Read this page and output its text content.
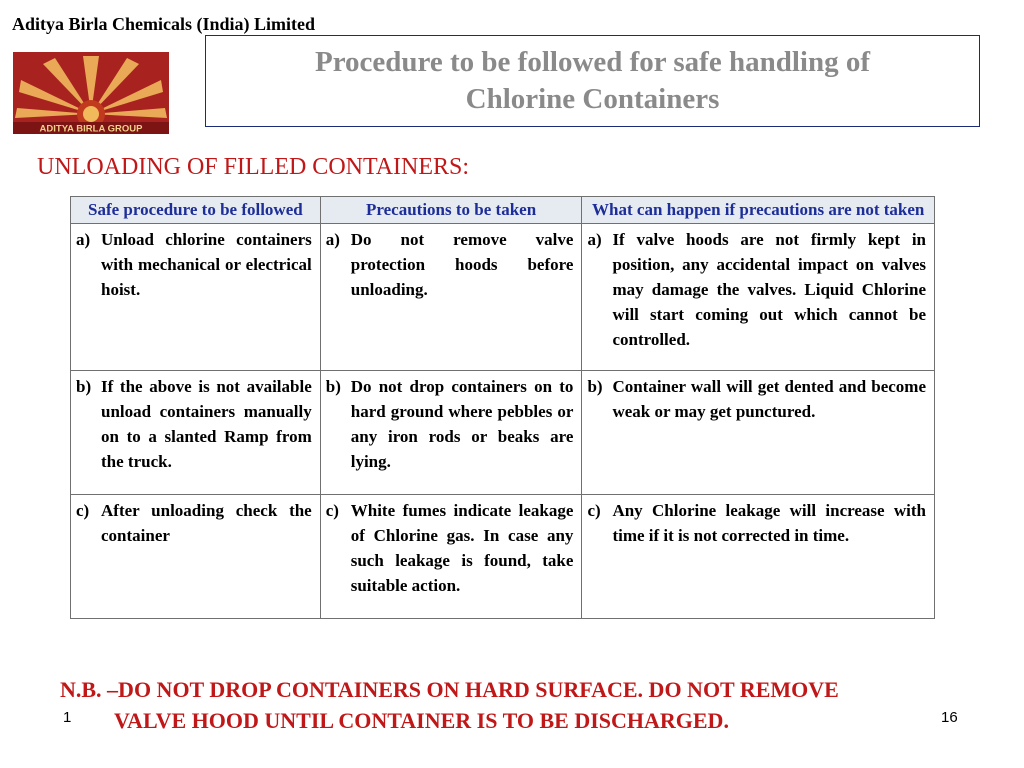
Aditya Birla Chemicals (India) Limited
ADITYA BIRLA GROUP
Procedure to be followed for safe handling of
Chlorine Containers
UNLOADING OF FILLED CONTAINERS:
Safe procedure to be followed	Precautions to be taken	What can happen if precautions are not taken

a) Unload chlorine containers with mechanical or electrical hoist.	a) Do not remove valve protection hoods before unloading.	a) If valve hoods are not firmly kept in position, any accidental impact on valves may damage the valves. Liquid Chlorine will start coming out which cannot be controlled.

b) If the above is not available unload containers manually on to a slanted Ramp from the truck.	b) Do not drop containers on to hard ground where pebbles or any iron rods or beaks are lying.	b) Container wall will get dented and become weak or may get punctured.

c) After unloading check the container	c) White fumes indicate leakage of Chlorine gas. In case any such leakage is found, take suitable action.	c) Any Chlorine leakage will increase with time if it is not corrected in time.
N.B. –DO NOT DROP CONTAINERS ON HARD SURFACE. DO NOT REMOVE
VALVE HOOD UNTIL CONTAINER IS TO BE DISCHARGED.
1	16
